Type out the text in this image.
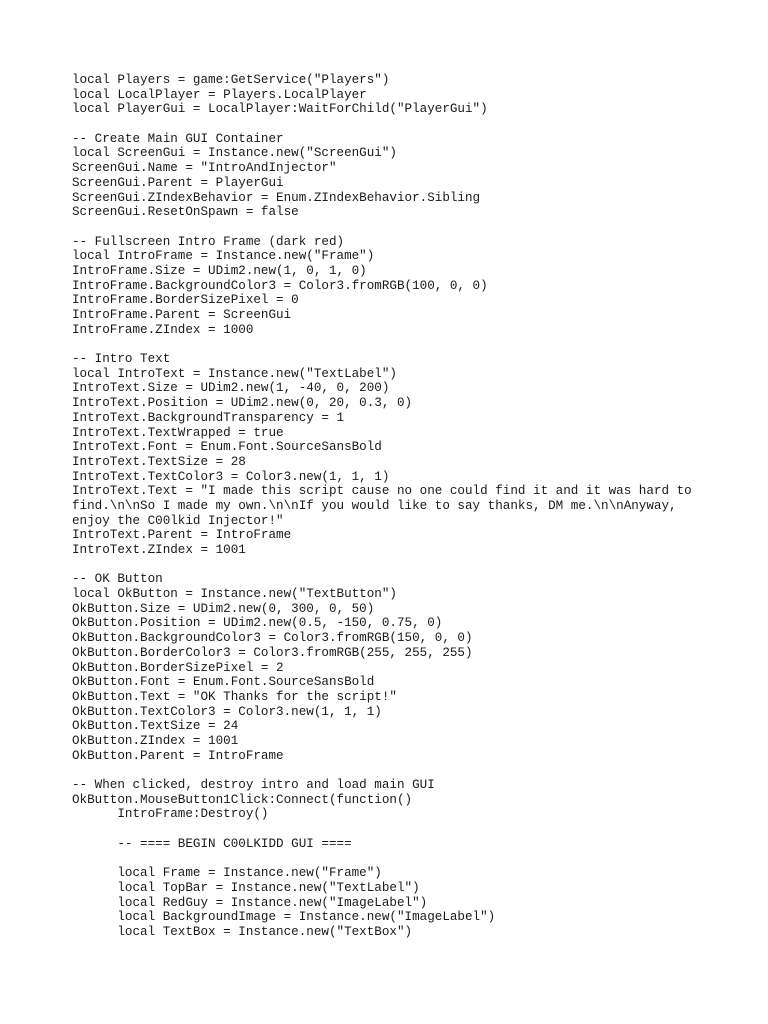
local Players = game:GetService("Players")
local LocalPlayer = Players.LocalPlayer
local PlayerGui = LocalPlayer:WaitForChild("PlayerGui")
-- Create Main GUI Container
local ScreenGui = Instance.new("ScreenGui")
ScreenGui.Name = "IntroAndInjector"
ScreenGui.Parent = PlayerGui
ScreenGui.ZIndexBehavior = Enum.ZIndexBehavior.Sibling
ScreenGui.ResetOnSpawn = false
-- Fullscreen Intro Frame (dark red)
local IntroFrame = Instance.new("Frame")
IntroFrame.Size = UDim2.new(1, 0, 1, 0)
IntroFrame.BackgroundColor3 = Color3.fromRGB(100, 0, 0)
IntroFrame.BorderSizePixel = 0
IntroFrame.Parent = ScreenGui
IntroFrame.ZIndex = 1000
-- Intro Text
local IntroText = Instance.new("TextLabel")
IntroText.Size = UDim2.new(1, -40, 0, 200)
IntroText.Position = UDim2.new(0, 20, 0.3, 0)
IntroText.BackgroundTransparency = 1
IntroText.TextWrapped = true
IntroText.Font = Enum.Font.SourceSansBold
IntroText.TextSize = 28
IntroText.TextColor3 = Color3.new(1, 1, 1)
IntroText.Text = "I made this script cause no one could find it and it was hard to
find.\n\nSo I made my own.\n\nIf you would like to say thanks, DM me.\n\nAnyway,
enjoy the C00lkid Injector!"
IntroText.Parent = IntroFrame
IntroText.ZIndex = 1001
-- OK Button
local OkButton = Instance.new("TextButton")
OkButton.Size = UDim2.new(0, 300, 0, 50)
OkButton.Position = UDim2.new(0.5, -150, 0.75, 0)
OkButton.BackgroundColor3 = Color3.fromRGB(150, 0, 0)
OkButton.BorderColor3 = Color3.fromRGB(255, 255, 255)
OkButton.BorderSizePixel = 2
OkButton.Font = Enum.Font.SourceSansBold
OkButton.Text = "OK Thanks for the script!"
OkButton.TextColor3 = Color3.new(1, 1, 1)
OkButton.TextSize = 24
OkButton.ZIndex = 1001
OkButton.Parent = IntroFrame
-- When clicked, destroy intro and load main GUI
OkButton.MouseButton1Click:Connect(function()
IntroFrame:Destroy()
-- ==== BEGIN C00LKIDD GUI ====
local Frame = Instance.new("Frame")
local TopBar = Instance.new("TextLabel")
local RedGuy = Instance.new("ImageLabel")
local BackgroundImage = Instance.new("ImageLabel")
local TextBox = Instance.new("TextBox")
